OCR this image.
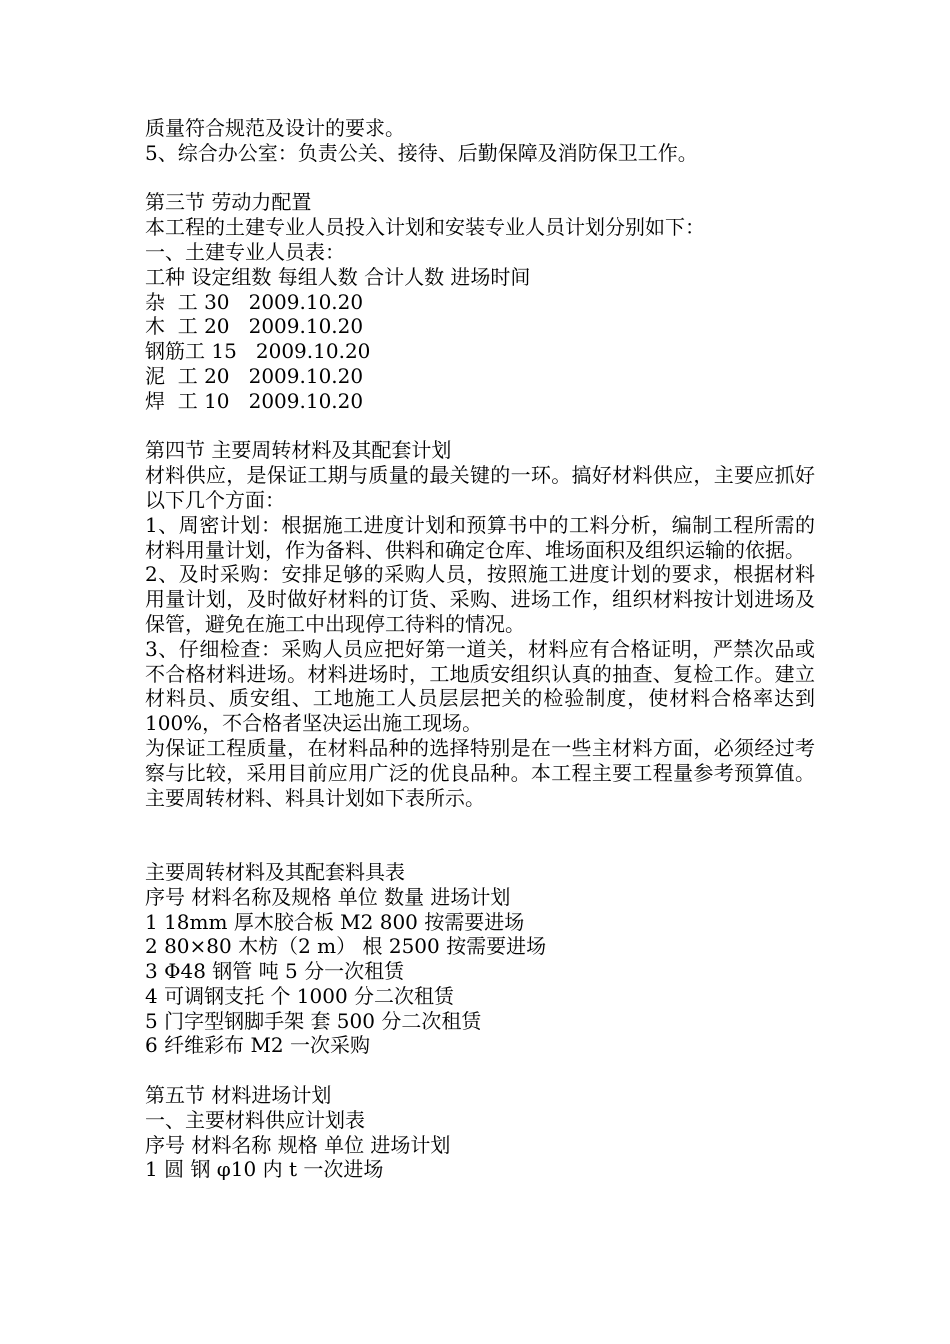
质量符合规范及设计的要求。
5、综合办公室：负责公关、接待、后勤保障及消防保卫工作。
第三节 劳动力配置
本工程的土建专业人员投入计划和安装专业人员计划分别如下：
一、土建专业人员表：
工种 设定组数 每组人数 合计人数 进场时间
杂  工 30   2009.10.20
木  工 20   2009.10.20
钢筋工 15   2009.10.20
泥  工 20   2009.10.20
焊  工 10   2009.10.20
第四节 主要周转材料及其配套计划

材料供应，是保证工期与质量的最关键的一环。搞好材料供应，主要应抓好以下几个方面：

1、周密计划：根据施工进度计划和预算书中的工料分析，编制工程所需的材料用量计划，作为备料、供料和确定仓库、堆场面积及组织运输的依据。

2、及时采购：安排足够的采购人员，按照施工进度计划的要求，根据材料用量计划，及时做好材料的订货、采购、进场工作，组织材料按计划进场及保管，避免在施工中出现停工待料的情况。

3、仔细检查：采购人员应把好第一道关，材料应有合格证明，严禁次品或不合格材料进场。材料进场时，工地质安组织认真的抽查、复检工作。建立材料员、质安组、工地施工人员层层把关的检验制度，使材料合格率达到100%，不合格者坚决运出施工现场。

为保证工程质量，在材料品种的选择特别是在一些主材料方面，必须经过考察与比较，采用目前应用广泛的优良品种。本工程主要工程量参考预算值。主要周转材料、料具计划如下表所示。

主要周转材料及其配套料具表
序号 材料名称及规格 单位 数量 进场计划
1 18mm 厚木胶合板 M2 800 按需要进场
2 80×80 木枋（2 m） 根 2500 按需要进场
3 Φ48 钢管 吨 5 分一次租赁
4 可调钢支托 个 1000 分二次租赁
5 门字型钢脚手架 套 500 分二次租赁
6 纤维彩布 M2 一次采购
第五节 材料进场计划
一、主要材料供应计划表
序号 材料名称 规格 单位 进场计划
1 圆 钢 φ10 内 t 一次进场
